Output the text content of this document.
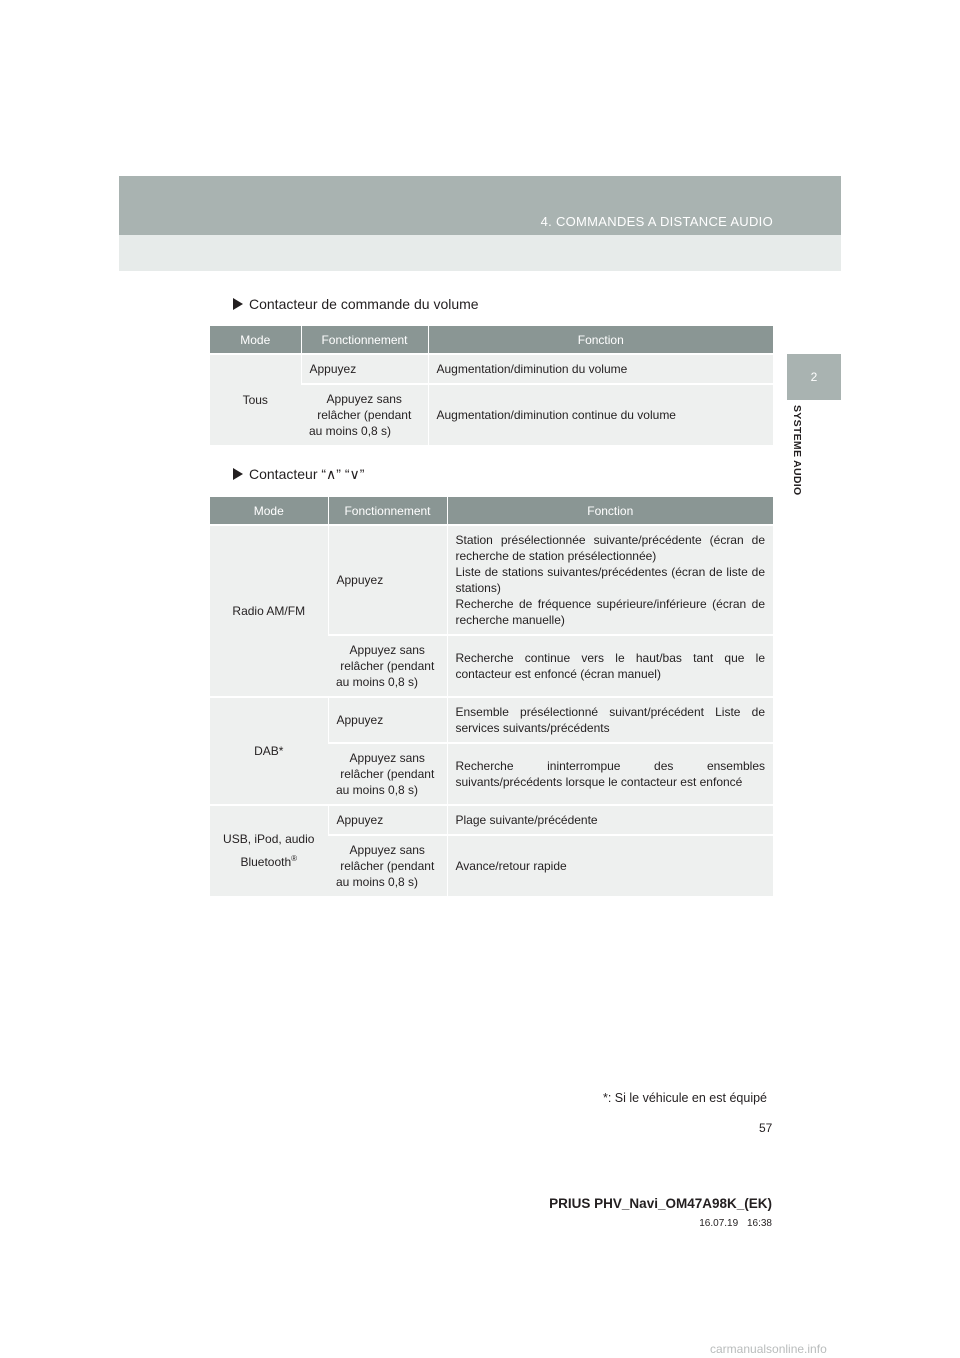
4. COMMANDES A DISTANCE AUDIO
2
SYSTEME AUDIO
Contacteur de commande du volume
Mode	Fonctionnement	Fonction
Tous	Appuyez	Augmentation/diminution du volume
	Appuyez sans relâcher (pendant au moins 0,8 s)	Augmentation/diminution continue du volume
Contacteur “∧” “∨”
Mode	Fonctionnement	Fonction
Radio AM/FM	Appuyez	Station présélectionnée suivante/précédente (écran de recherche de station présélectionnée)
Liste de stations suivantes/précédentes (écran de liste de stations)
Recherche de fréquence supérieure/inférieure (écran de recherche manuelle)

	Appuyez sans relâcher (pendant au moins 0,8 s)	Recherche continue vers le haut/bas tant que le contacteur est enfoncé (écran manuel)
DAB*	Appuyez	Ensemble présélectionné suivant/précédent Liste de services suivants/précédents
	Appuyez sans relâcher (pendant au moins 0,8 s)	Recherche ininterrompue des ensembles suivants/précédents lorsque le contacteur est enfoncé
USB, iPod, audio Bluetooth®	Appuyez	Plage suivante/précédente
	Appuyez sans relâcher (pendant au moins 0,8 s)	Avance/retour rapide
*: Si le véhicule en est équipé
57
PRIUS PHV_Navi_OM47A98K_(EK)
16.07.19 16:38
carmanualsonline.info
